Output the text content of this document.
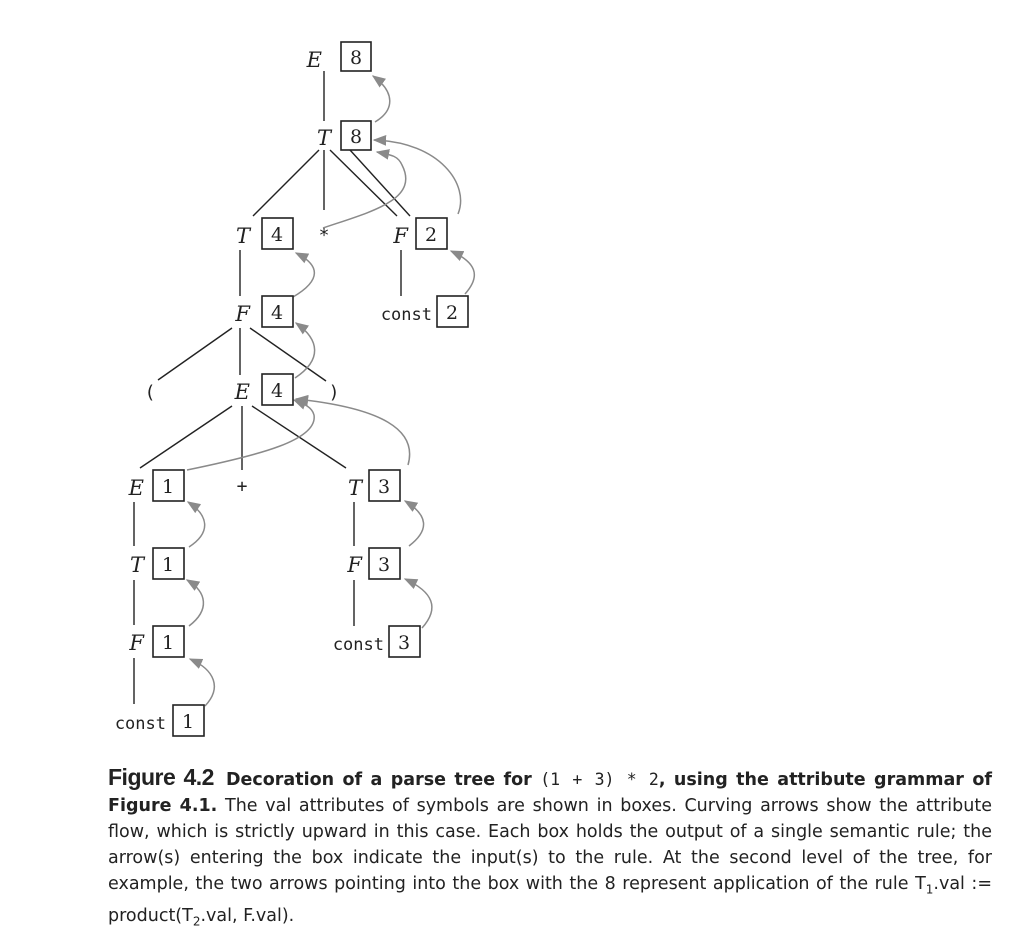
E 8
T 8
T 4 *	F 2
F 4	const 2
(	E 4	)
E 1	+	T 3
T 1	F 3
F 1	const 3
const 1
Figure 4.2 Decoration of a parse tree for (1 + 3) * 2, using the attribute grammar of Figure 4.1. The val attributes of symbols are shown in boxes. Curving arrows show the attribute flow, which is strictly upward in this case. Each box holds the output of a single semantic rule; the arrow(s) entering the box indicate the input(s) to the rule. At the second level of the tree, for example, the two arrows pointing into the box with the 8 represent application of the rule $T_1.val$ := $product(T_2.val$, F.val).
